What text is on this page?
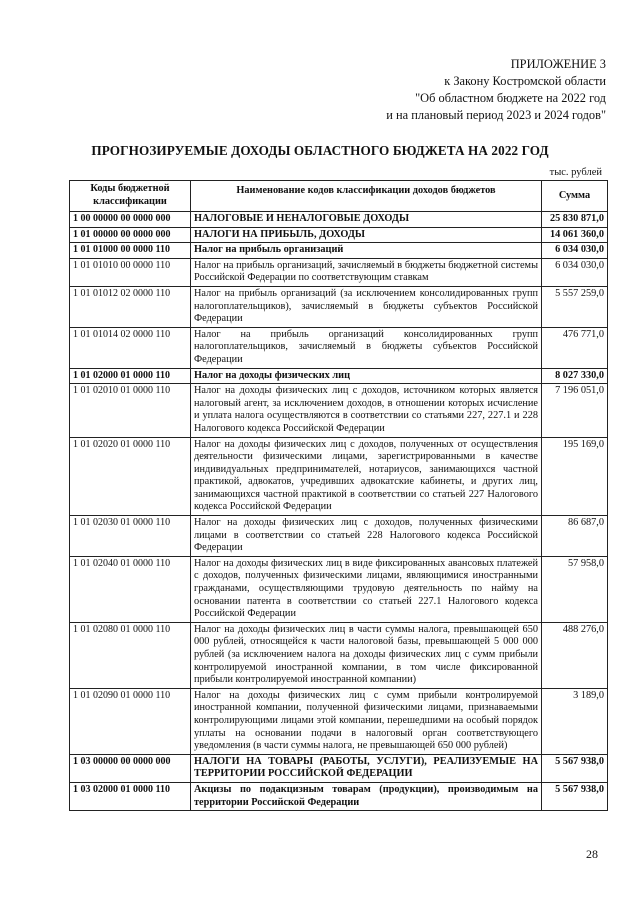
ПРИЛОЖЕНИЕ 3
к Закону Костромской области
"Об областном бюджете на 2022 год
и на плановый период 2023 и 2024 годов"
ПРОГНОЗИРУЕМЫЕ ДОХОДЫ ОБЛАСТНОГО БЮДЖЕТА НА 2022 ГОД
тыс. рублей
Коды бюджетной классификации	Наименование кодов классификации доходов бюджетов	Сумма
1 00 00000 00 0000 000	НАЛОГОВЫЕ И НЕНАЛОГОВЫЕ ДОХОДЫ	25 830 871,0
1 01 00000 00 0000 000	НАЛОГИ НА ПРИБЫЛЬ, ДОХОДЫ	14 061 360,0
1 01 01000 00 0000 110	Налог на прибыль организаций	6 034 030,0
1 01 01010 00 0000 110	Налог на прибыль организаций, зачисляемый в бюджеты бюджетной системы Российской Федерации по соответствующим ставкам	6 034 030,0
1 01 01012 02 0000 110	Налог на прибыль организаций (за исключением консолидированных групп налогоплательщиков), зачисляемый в бюджеты субъектов Российской Федерации	5 557 259,0
1 01 01014 02 0000 110	Налог на прибыль организаций консолидированных групп налогоплательщиков, зачисляемый в бюджеты субъектов Российской Федерации	476 771,0
1 01 02000 01 0000 110	Налог на доходы физических лиц	8 027 330,0
1 01 02010 01 0000 110	Налог на доходы физических лиц с доходов, источником которых является налоговый агент, за исключением доходов, в отношении которых исчисление и уплата налога осуществляются в соответствии со статьями 227, 227.1 и 228 Налогового кодекса Российской Федерации	7 196 051,0
1 01 02020 01 0000 110	Налог на доходы физических лиц с доходов, полученных от осуществления деятельности физическими лицами, зарегистрированными в качестве индивидуальных предпринимателей, нотариусов, занимающихся частной практикой, адвокатов, учредивших адвокатские кабинеты, и других лиц, занимающихся частной практикой в соответствии со статьей 227 Налогового кодекса Российской Федерации	195 169,0
1 01 02030 01 0000 110	Налог на доходы физических лиц с доходов, полученных физическими лицами в соответствии со статьей 228 Налогового кодекса Российской Федерации	86 687,0
1 01 02040 01 0000 110	Налог на доходы физических лиц в виде фиксированных авансовых платежей с доходов, полученных физическими лицами, являющимися иностранными гражданами, осуществляющими трудовую деятельность по найму на основании патента в соответствии со статьей 227.1 Налогового кодекса Российской Федерации	57 958,0
1 01 02080 01 0000 110	Налог на доходы физических лиц в части суммы налога, превышающей 650 000 рублей, относящейся к части налоговой базы, превышающей 5 000 000 рублей (за исключением налога на доходы физических лиц с сумм прибыли контролируемой иностранной компании, в том числе фиксированной прибыли контролируемой иностранной компании)	488 276,0
1 01 02090 01 0000 110	Налог на доходы физических лиц с сумм прибыли контролируемой иностранной компании, полученной физическими лицами, признаваемыми контролирующими лицами этой компании, перешедшими на особый порядок уплаты на основании подачи в налоговый орган соответствующего уведомления (в части суммы налога, не превышающей 650 000 рублей)	3 189,0
1 03 00000 00 0000 000	НАЛОГИ НА ТОВАРЫ (РАБОТЫ, УСЛУГИ), РЕАЛИЗУЕМЫЕ НА ТЕРРИТОРИИ РОССИЙСКОЙ ФЕДЕРАЦИИ	5 567 938,0
1 03 02000 01 0000 110	Акцизы по подакцизным товарам (продукции), производимым на территории Российской Федерации	5 567 938,0
28
